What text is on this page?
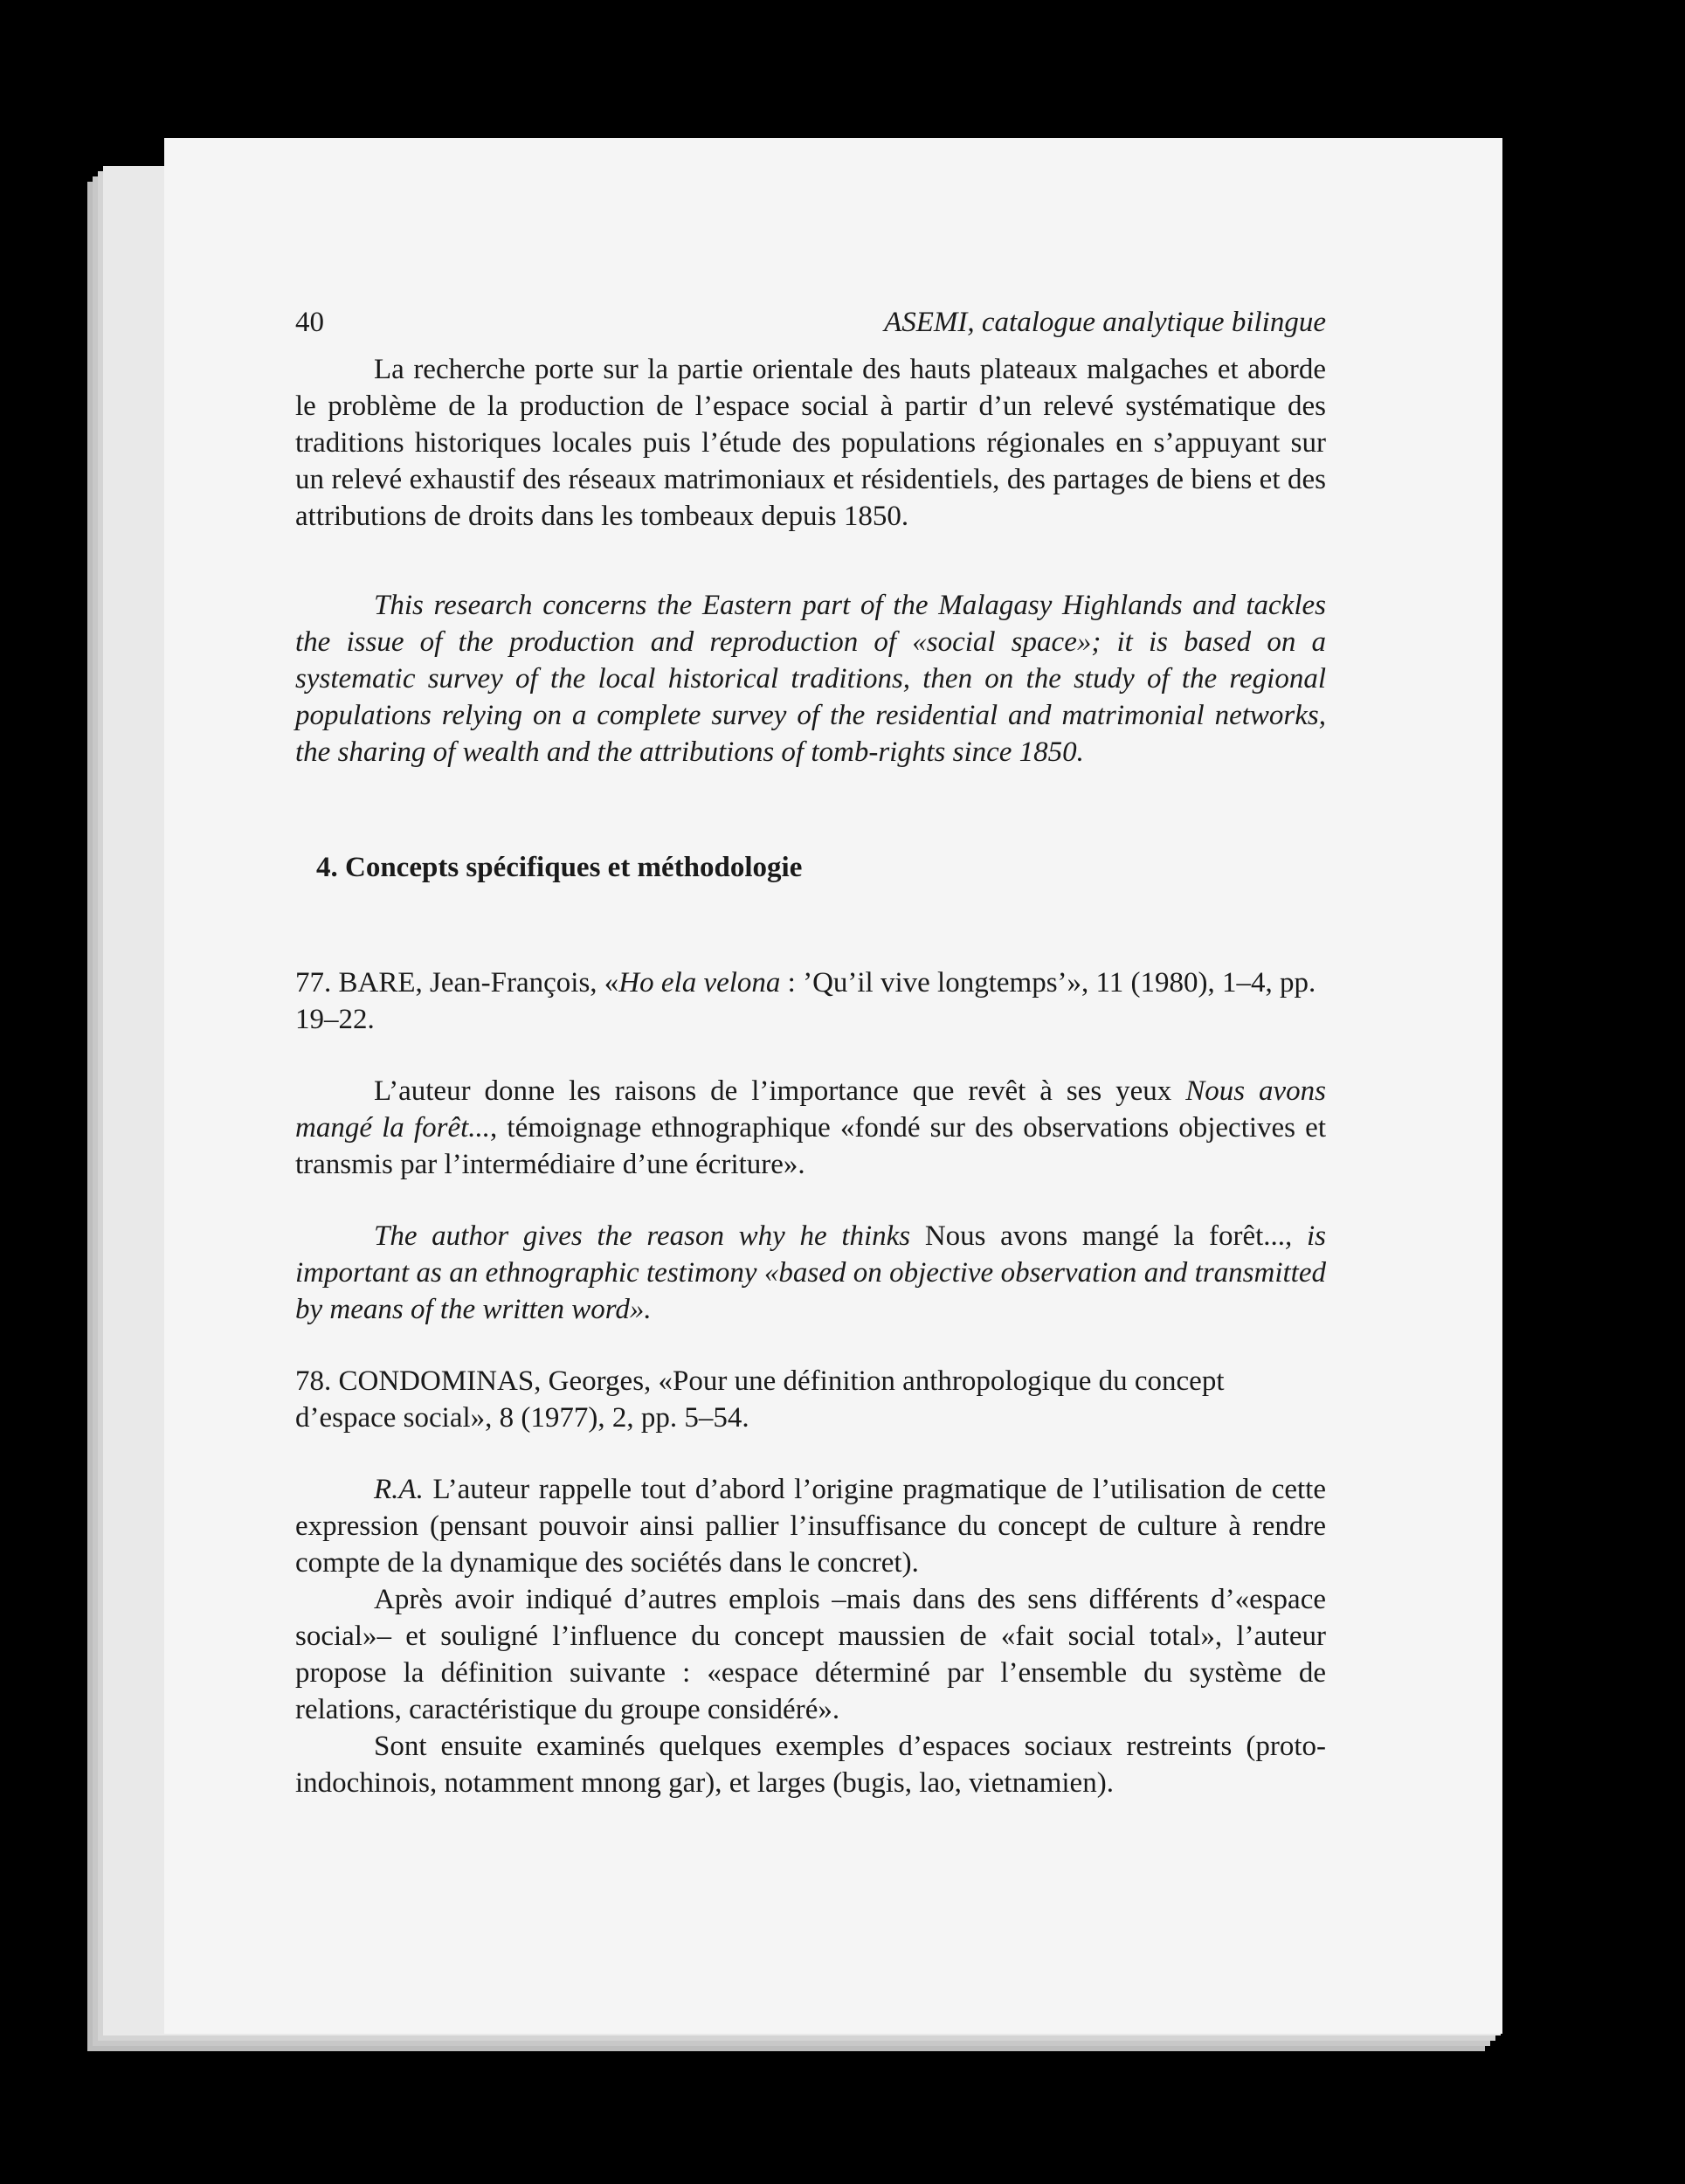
40	ASEMI, catalogue analytique bilingue

La recherche porte sur la partie orientale des hauts plateaux malgaches et aborde le problème de la production de l’espace social à partir d’un relevé systématique des traditions historiques locales puis l’étude des populations régionales en s’appuyant sur un relevé exhaustif des réseaux matrimoniaux et résidentiels, des partages de biens et des attributions de droits dans les tombeaux depuis 1850.

This research concerns the Eastern part of the Malagasy Highlands and tackles the issue of the production and reproduction of «social space»; it is based on a systematic survey of the local historical traditions, then on the study of the regional populations relying on a complete survey of the residential and matrimonial networks, the sharing of wealth and the attributions of tomb-rights since 1850.

4. Concepts spécifiques et méthodologie

77. BARE, Jean-François, «Ho ela velona : ’Qu’il vive longtemps’», 11 (1980), 1–4, pp. 19–22.

L’auteur donne les raisons de l’importance que revêt à ses yeux Nous avons mangé la forêt..., témoignage ethnographique «fondé sur des observations objectives et transmis par l’intermédiaire d’une écriture».

The author gives the reason why he thinks Nous avons mangé la forêt..., is important as an ethnographic testimony «based on objective observation and transmitted by means of the written word».

78. CONDOMINAS, Georges, «Pour une définition anthropologique du concept d’espace social», 8 (1977), 2, pp. 5–54.

R.A. L’auteur rappelle tout d’abord l’origine pragmatique de l’utilisation de cette expression (pensant pouvoir ainsi pallier l’insuffisance du concept de culture à rendre compte de la dynamique des sociétés dans le concret).

Après avoir indiqué d’autres emplois –mais dans des sens différents d’«espace social»– et souligné l’influence du concept maussien de «fait social total», l’auteur propose la définition suivante : «espace déterminé par l’ensemble du système de relations, caractéristique du groupe considéré».

Sont ensuite examinés quelques exemples d’espaces sociaux restreints (proto-indochinois, notamment mnong gar), et larges (bugis, lao, vietnamien).
